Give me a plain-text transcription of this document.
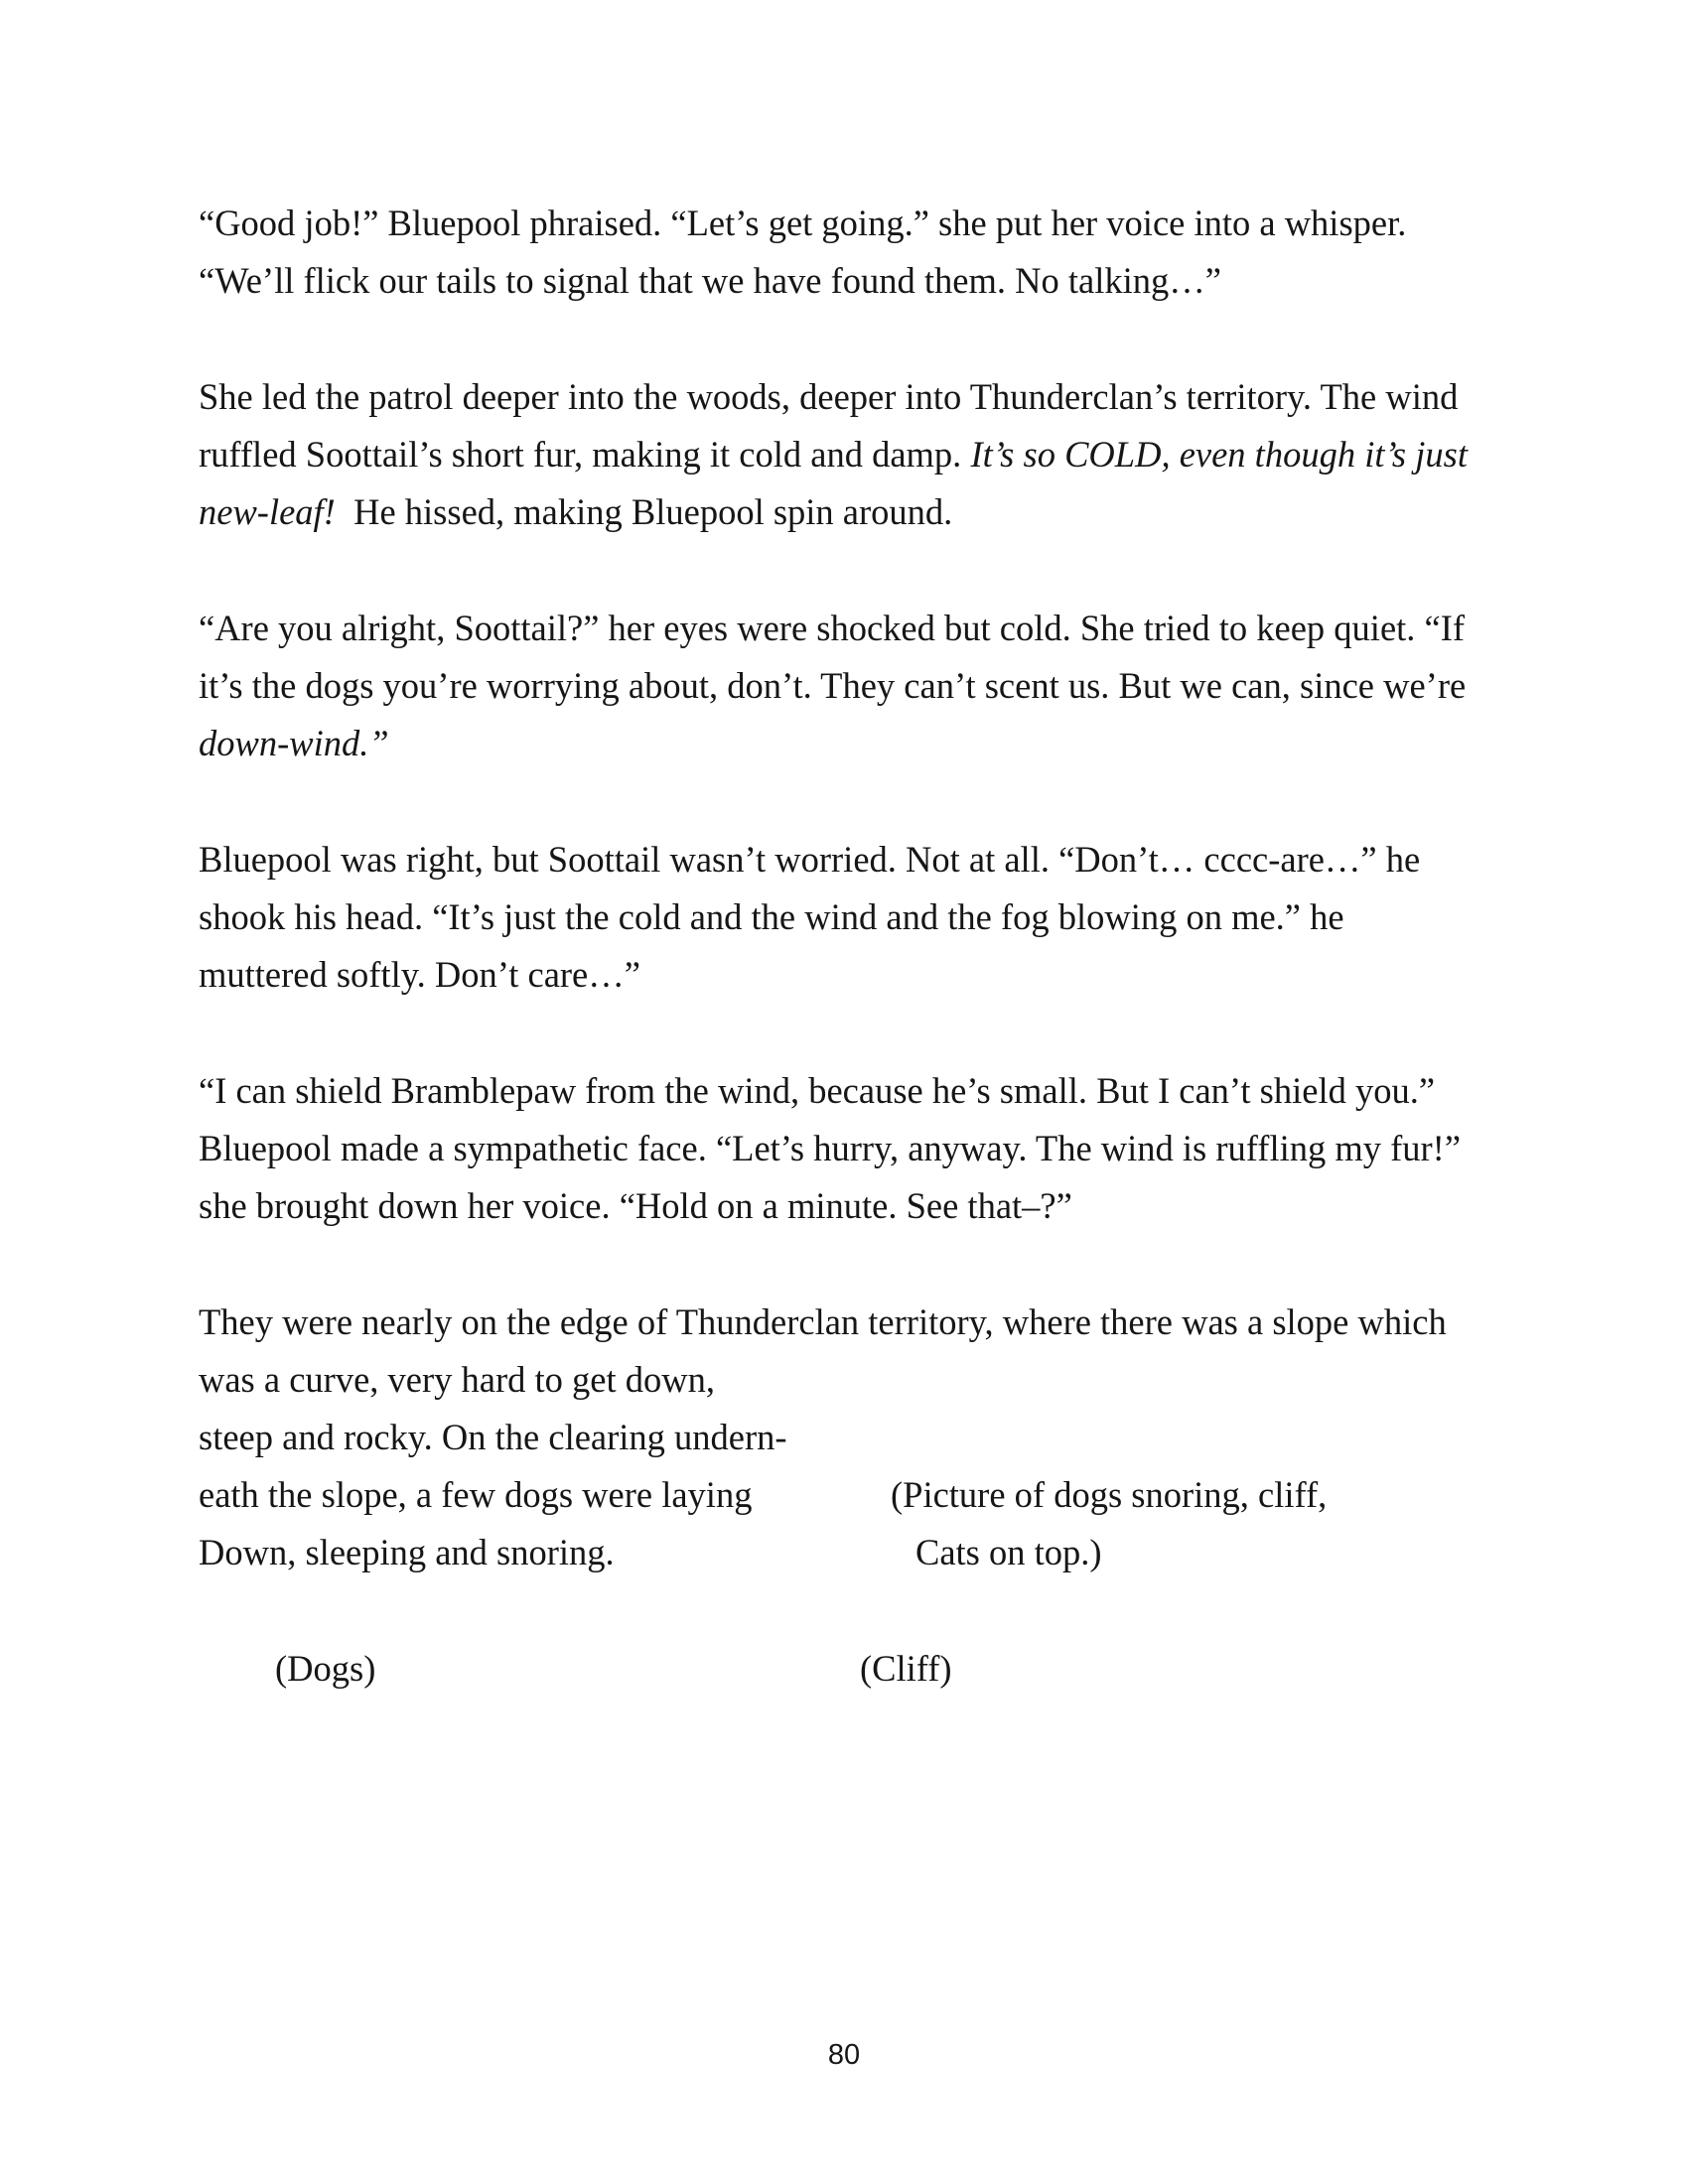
“Good job!” Bluepool phraised. “Let’s get going.” she put her voice into a whisper.
“We’ll flick our tails to signal that we have found them. No talking…”
She led the patrol deeper into the woods, deeper into Thunderclan’s territory. The wind
ruffled Soottail’s short fur, making it cold and damp. It’s so COLD, even though it’s just
new-leaf!  He hissed, making Bluepool spin around.
“Are you alright, Soottail?” her eyes were shocked but cold. She tried to keep quiet. “If
it’s the dogs you’re worrying about, don’t. They can’t scent us. But we can, since we’re
down-wind.”
Bluepool was right, but Soottail wasn’t worried. Not at all. “Don’t… cccc-are…” he
shook his head. “It’s just the cold and the wind and the fog blowing on me.” he
muttered softly. Don’t care…”
“I can shield Bramblepaw from the wind, because he’s small. But I can’t shield you.”
Bluepool made a sympathetic face. “Let’s hurry, anyway. The wind is ruffling my fur!”
she brought down her voice. “Hold on a minute. See that–?”
They were nearly on the edge of Thunderclan territory, where there was a slope which
was a curve, very hard to get down,
steep and rocky. On the clearing undern-
eath the slope, a few dogs were laying
Down, sleeping and snoring.
(Picture of dogs snoring, cliff,
Cats on top.)
(Dogs)	(Cliff)
80
